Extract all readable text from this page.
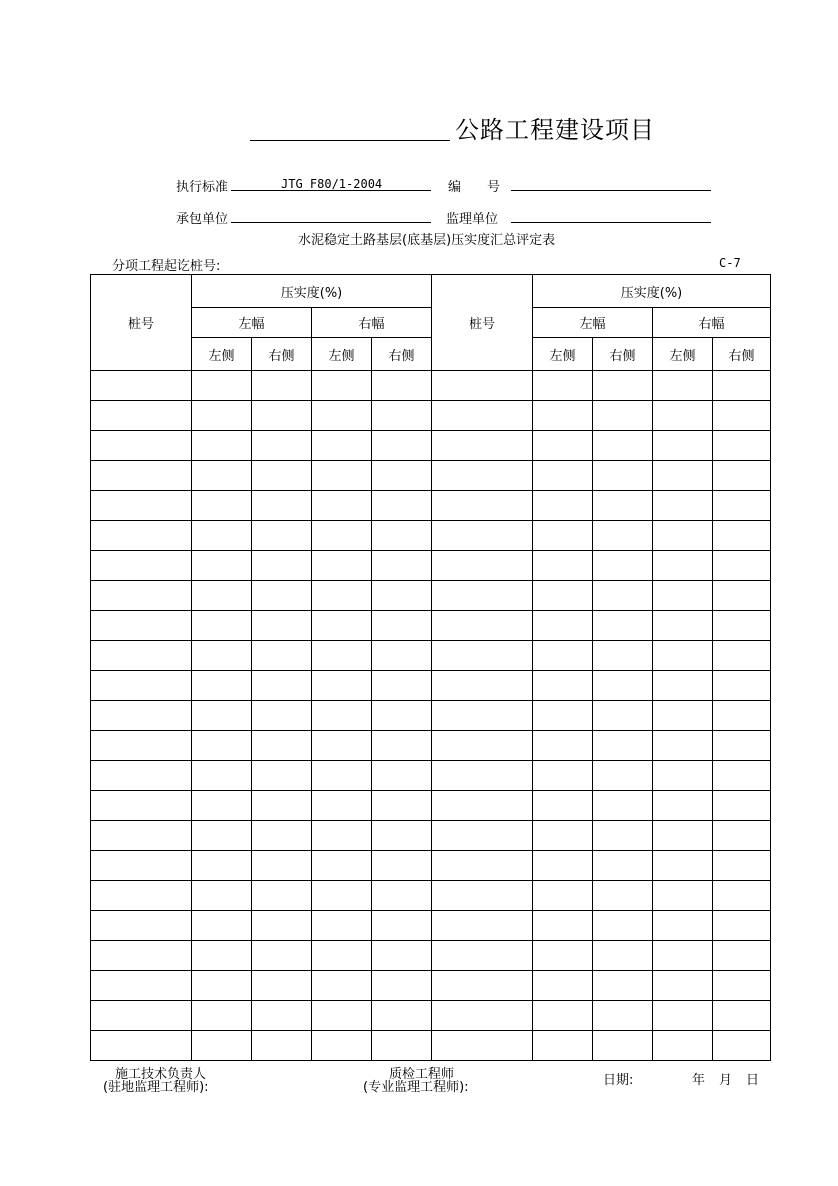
公路工程建设项目
执行标准	JTG F80/1-2004	编　　号
承包单位	监理单位
水泥稳定土路基层(底基层)压实度汇总评定表
分项工程起讫桩号:	C-7
桩号	压实度(%)				桩号	压实度(%)			
	左幅		右幅			左幅		右幅	
	左侧	右侧	左侧	右侧		左侧	右侧	左侧	右侧

施工技术负责人
(驻地监理工程师):
质检工程师
(专业监理工程师):	日期:	年 月 日
